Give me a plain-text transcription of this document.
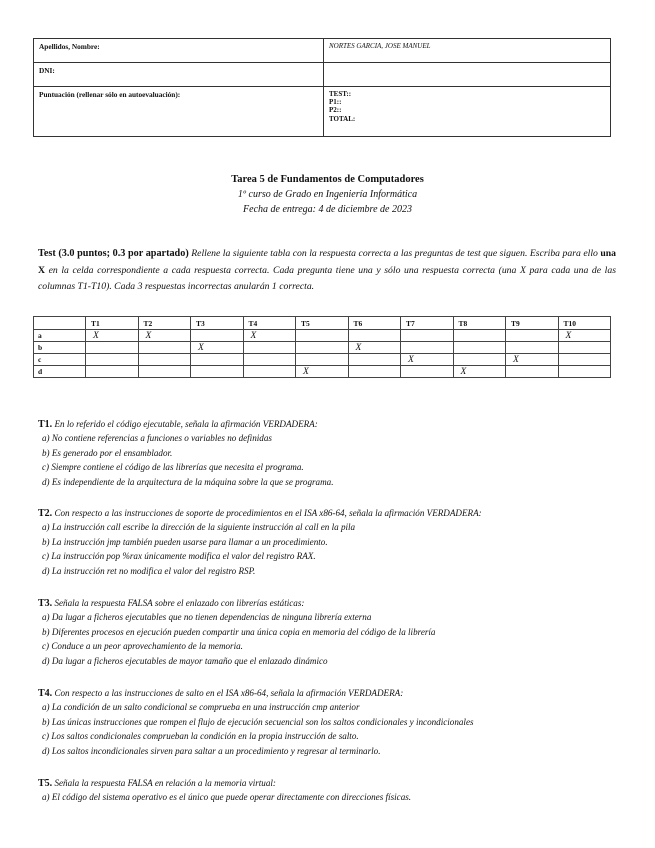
Apellidos, Nombre:	NORTES GARCIA, JOSE MANUEL
DNI:	
Puntuación (rellenar sólo en autoevaluación):	TEST::
P1::
P2::
TOTAL:
Tarea 5 de Fundamentos de Computadores
1º curso de Grado en Ingeniería Informática
Fecha de entrega: 4 de diciembre de 2023
Test (3.0 puntos; 0.3 por apartado) Rellene la siguiente tabla con la respuesta correcta a las preguntas de test que siguen. Escriba para ello una X en la celda correspondiente a cada respuesta correcta. Cada pregunta tiene una y sólo una respuesta correcta (una X para cada una de las columnas T1-T10). Cada 3 respuestas incorrectas anularán 1 correcta.
	T1	T2	T3	T4	T5	T6	T7	T8	T9	T10
a	X	X		X						X
b			X			X				
c							X		X	
d					X			X		
T1. En lo referido el código ejecutable, señala la afirmación VERDADERA:
a) No contiene referencias a funciones o variables no definidas
b) Es generado por el ensamblador.
c) Siempre contiene el código de las librerías que necesita el programa.
d) Es independiente de la arquitectura de la máquina sobre la que se programa.
T2. Con respecto a las instrucciones de soporte de procedimientos en el ISA x86-64, señala la afirmación VERDADERA:
a) La instrucción call escribe la dirección de la siguiente instrucción al call en la pila
b) La instrucción jmp también pueden usarse para llamar a un procedimiento.
c) La instrucción pop %rax únicamente modifica el valor del registro RAX.
d) La instrucción ret no modifica el valor del registro RSP.
T3. Señala la respuesta FALSA sobre el enlazado con librerías estáticas:
a) Da lugar a ficheros ejecutables que no tienen dependencias de ninguna librería externa
b) Diferentes procesos en ejecución pueden compartir una única copia en memoria del código de la librería
c) Conduce a un peor aprovechamiento de la memoria.
d) Da lugar a ficheros ejecutables de mayor tamaño que el enlazado dinámico
T4. Con respecto a las instrucciones de salto en el ISA x86-64, señala la afirmación VERDADERA:
a) La condición de un salto condicional se comprueba en una instrucción cmp anterior
b) Las únicas instrucciones que rompen el flujo de ejecución secuencial son los saltos condicionales y incondicionales
c) Los saltos condicionales comprueban la condición en la propia instrucción de salto.
d) Los saltos incondicionales sirven para saltar a un procedimiento y regresar al terminarlo.
T5. Señala la respuesta FALSA en relación a la memoria virtual:
a) El código del sistema operativo es el único que puede operar directamente con direcciones físicas.
